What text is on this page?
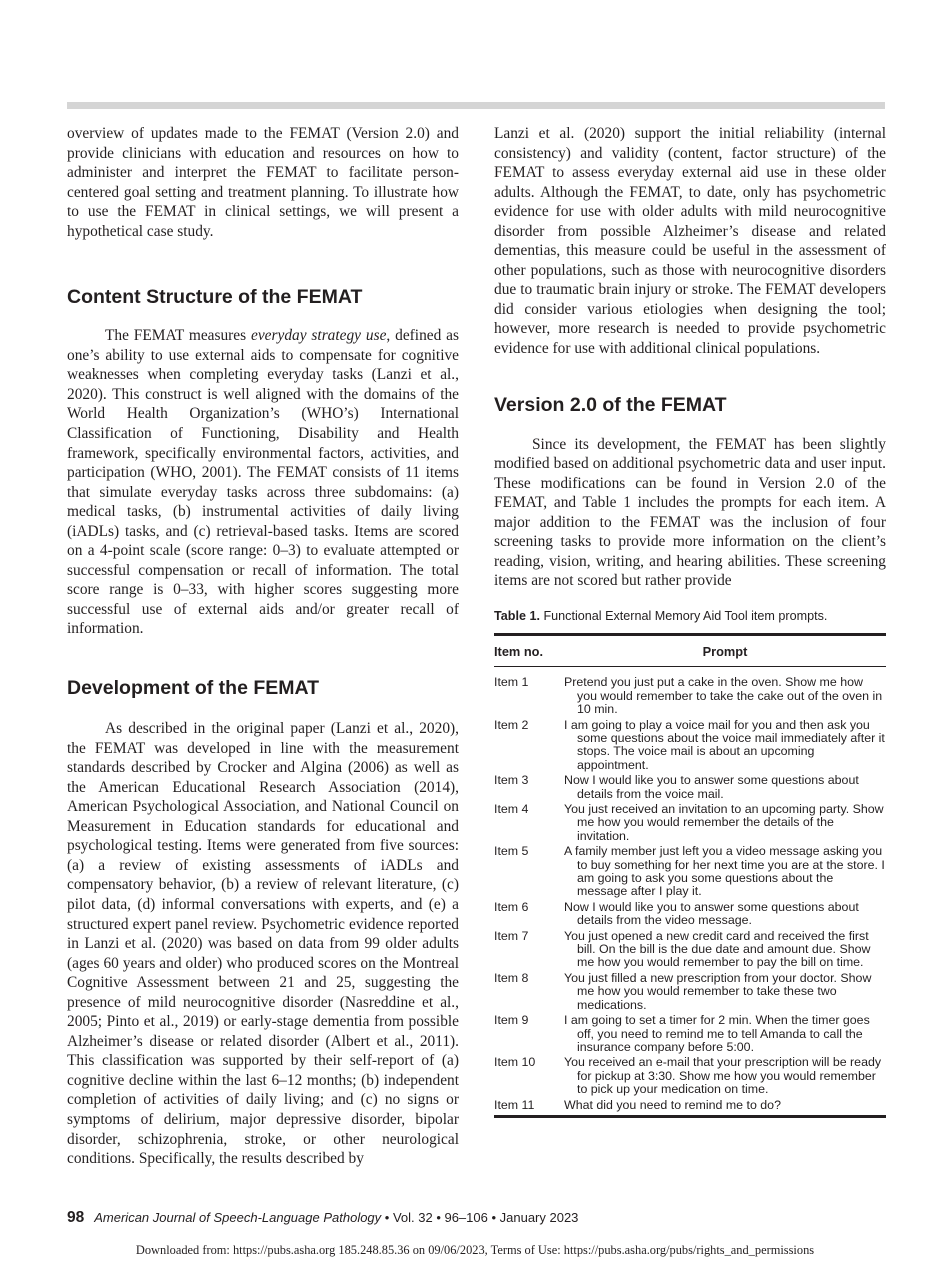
overview of updates made to the FEMAT (Version 2.0) and provide clinicians with education and resources on how to administer and interpret the FEMAT to facilitate person-centered goal setting and treatment planning. To illustrate how to use the FEMAT in clinical settings, we will present a hypothetical case study.

Content Structure of the FEMAT

The FEMAT measures everyday strategy use, defined as one’s ability to use external aids to compensate for cognitive weaknesses when completing everyday tasks (Lanzi et al., 2020). This construct is well aligned with the domains of the World Health Organization’s (WHO’s) International Classification of Functioning, Disability and Health framework, specifically environmental factors, activities, and participation (WHO, 2001). The FEMAT consists of 11 items that simulate everyday tasks across three subdomains: (a) medical tasks, (b) instrumental activities of daily living (iADLs) tasks, and (c) retrieval-based tasks. Items are scored on a 4-point scale (score range: 0–3) to evaluate attempted or successful compensation or recall of information. The total score range is 0–33, with higher scores suggesting more successful use of external aids and/or greater recall of information.

Development of the FEMAT

As described in the original paper (Lanzi et al., 2020), the FEMAT was developed in line with the measurement standards described by Crocker and Algina (2006) as well as the American Educational Research Association (2014), American Psychological Association, and National Council on Measurement in Education standards for educational and psychological testing. Items were generated from five sources: (a) a review of existing assessments of iADLs and compensatory behavior, (b) a review of relevant literature, (c) pilot data, (d) informal conversations with experts, and (e) a structured expert panel review. Psychometric evidence reported in Lanzi et al. (2020) was based on data from 99 older adults (ages 60 years and older) who produced scores on the Montreal Cognitive Assessment between 21 and 25, suggesting the presence of mild neurocognitive disorder (Nasreddine et al., 2005; Pinto et al., 2019) or early-stage dementia from possible Alzheimer’s disease or related disorder (Albert et al., 2011). This classification was supported by their self-report of (a) cognitive decline within the last 6–12 months; (b) independent completion of activities of daily living; and (c) no signs or symptoms of delirium, major depressive disorder, bipolar disorder, schizophrenia, stroke, or other neurological conditions. Specifically, the results described by

Lanzi et al. (2020) support the initial reliability (internal consistency) and validity (content, factor structure) of the FEMAT to assess everyday external aid use in these older adults. Although the FEMAT, to date, only has psychometric evidence for use with older adults with mild neurocognitive disorder from possible Alzheimer’s disease and related dementias, this measure could be useful in the assessment of other populations, such as those with neurocognitive disorders due to traumatic brain injury or stroke. The FEMAT developers did consider various etiologies when designing the tool; however, more research is needed to provide psychometric evidence for use with additional clinical populations.

Version 2.0 of the FEMAT

Since its development, the FEMAT has been slightly modified based on additional psychometric data and user input. These modifications can be found in Version 2.0 of the FEMAT, and Table 1 includes the prompts for each item. A major addition to the FEMAT was the inclusion of four screening tasks to provide more information on the client’s reading, vision, writing, and hearing abilities. These screening items are not scored but rather provide

Table 1. Functional External Memory Aid Tool item prompts.

Item no.	Prompt
Item 1	Pretend you just put a cake in the oven. Show me how you would remember to take the cake out of the oven in 10 min.

Item 2	I am going to play a voice mail for you and then ask you some questions about the voice mail immediately after it stops. The voice mail is about an upcoming appointment.

Item 3	Now I would like you to answer some questions about details from the voice mail.

Item 4	You just received an invitation to an upcoming party. Show me how you would remember the details of the invitation.

Item 5	A family member just left you a video message asking you to buy something for her next time you are at the store. I am going to ask you some questions about the message after I play it.

Item 6	Now I would like you to answer some questions about details from the video message.

Item 7	You just opened a new credit card and received the first bill. On the bill is the due date and amount due. Show me how you would remember to pay the bill on time.

Item 8	You just filled a new prescription from your doctor. Show me how you would remember to take these two medications.

Item 9	I am going to set a timer for 2 min. When the timer goes off, you need to remind me to tell Amanda to call the insurance company before 5:00.

Item 10	You received an e-mail that your prescription will be ready for pickup at 3:30. Show me how you would remember to pick up your medication on time.

Item 11	What did you need to remind me to do?
98 American Journal of Speech-Language Pathology • Vol. 32 • 96–106 • January 2023
Downloaded from: https://pubs.asha.org 185.248.85.36 on 09/06/2023, Terms of Use: https://pubs.asha.org/pubs/rights_and_permissions
